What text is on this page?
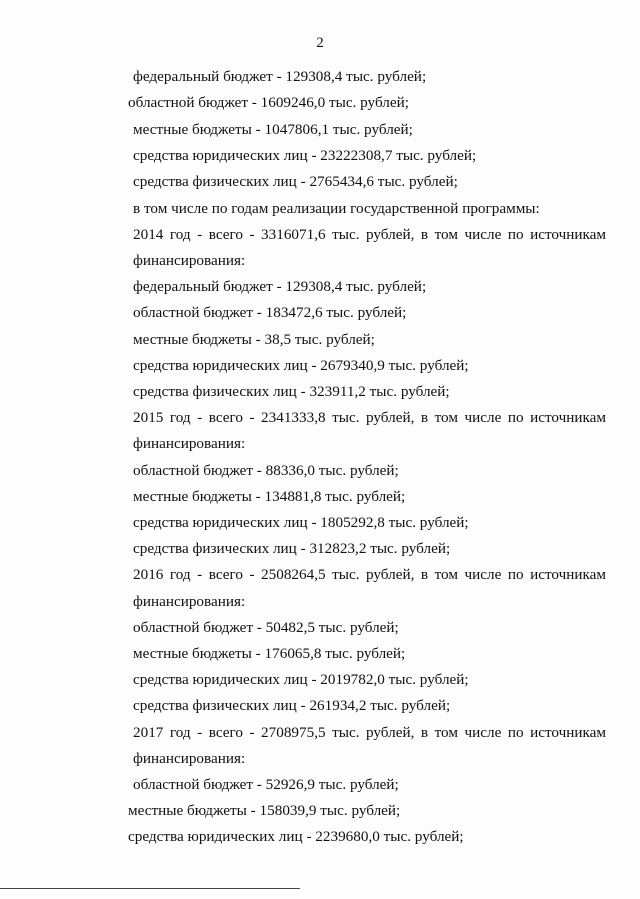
2
федеральный бюджет - 129308,4 тыс. рублей;
областной бюджет - 1609246,0 тыс. рублей;
местные бюджеты - 1047806,1 тыс. рублей;
средства юридических лиц - 23222308,7 тыс. рублей;
средства физических лиц - 2765434,6 тыс. рублей;
в том числе по годам реализации государственной программы:
2014 год - всего - 3316071,6 тыс. рублей, в том числе по источникам
финансирования:
федеральный бюджет - 129308,4 тыс. рублей;
областной бюджет - 183472,6 тыс. рублей;
местные бюджеты - 38,5 тыс. рублей;
средства юридических лиц - 2679340,9 тыс. рублей;
средства физических лиц - 323911,2 тыс. рублей;
2015 год - всего - 2341333,8 тыс. рублей, в том числе по источникам
финансирования:
областной бюджет - 88336,0 тыс. рублей;
местные бюджеты - 134881,8 тыс. рублей;
средства юридических лиц - 1805292,8 тыс. рублей;
средства физических лиц - 312823,2 тыс. рублей;
2016 год - всего - 2508264,5 тыс. рублей, в том числе по источникам
финансирования:
областной бюджет - 50482,5 тыс. рублей;
местные бюджеты - 176065,8 тыс. рублей;
средства юридических лиц - 2019782,0 тыс. рублей;
средства физических лиц - 261934,2 тыс. рублей;
2017 год - всего - 2708975,5 тыс. рублей, в том числе по источникам
финансирования:
областной бюджет - 52926,9 тыс. рублей;
местные бюджеты - 158039,9 тыс. рублей;
средства юридических лиц - 2239680,0 тыс. рублей;
